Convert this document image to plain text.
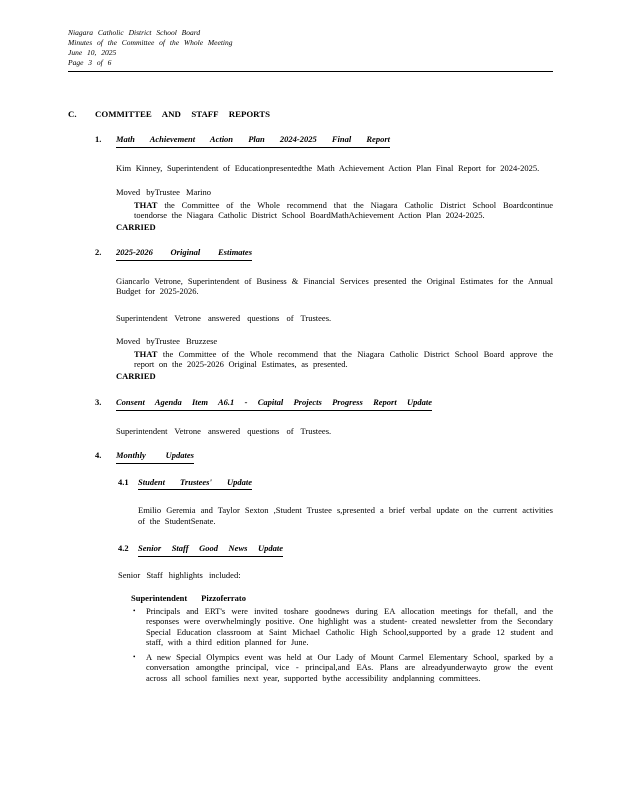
Niagara Catholic District School Board
Minutes of the Committee of the Whole Meeting
June 10, 2025
Page 3 of 6
C. COMMITTEE AND STAFF REPORTS
1. Math Achievement Action Plan 2024-2025 Final Report

Kim Kinney, Superintendent of Educationpresentedthe Math Achievement Action Plan Final Report for 2024-2025.

Moved byTrustee Marino

THAT the Committee of the Whole recommend that the Niagara Catholic District School Boardcontinue toendorse the Niagara Catholic District School BoardMathAchievement Action Plan 2024-2025.

CARRIED

2. 2025-2026 Original Estimates

Giancarlo Vetrone, Superintendent of Business & Financial Services presented the Original Estimates for the Annual Budget for 2025-2026.

Superintendent Vetrone answered questions of Trustees.

Moved byTrustee Bruzzese

THAT the Committee of the Whole recommend that the Niagara Catholic District School Board approve the report on the 2025-2026 Original Estimates, as presented.

CARRIED

3. Consent Agenda Item A6.1 - Capital Projects Progress Report Update

Superintendent Vetrone answered questions of Trustees.

4. Monthly Updates
4.1 Student Trustees' Update

Emilio Geremia and Taylor Sexton ,Student Trustee s,presented a brief verbal update on the current activities of the StudentSenate.

4.2 Senior Staff Good News Update

Senior Staff highlights included:

Superintendent Pizzoferrato

•	Principals and ERT's were invited toshare goodnews during EA allocation meetings for thefall, and the responses were overwhelmingly positive. One highlight was a student- created newsletter from the Secondary Special Education classroom at Saint Michael Catholic High School,supported by a grade 12 student and staff, with a third edition planned for June.
•	A new Special Olympics event was held at Our Lady of Mount Carmel Elementary School, sparked by a conversation amongthe principal, vice - principal,and EAs. Plans are alreadyunderwayto grow the event across all school families next year, supported bythe accessibility andplanning committees.
